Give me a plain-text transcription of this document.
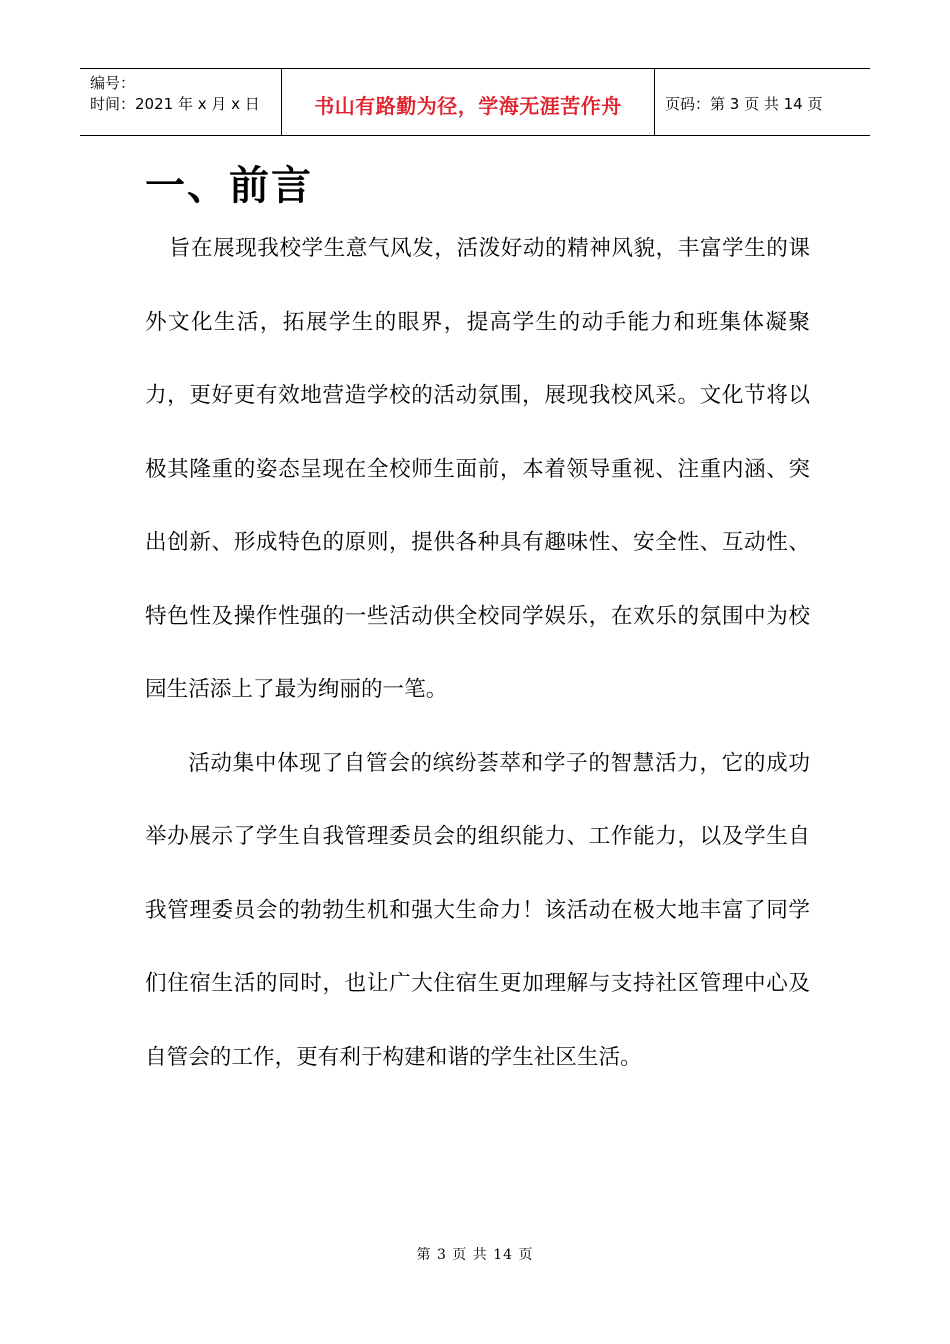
编号：
时间：2021 年 x 月 x 日	书山有路勤为径，学海无涯苦作舟	页码：第 3 页 共 14 页
一、前言

旨在展现我校学生意气风发，活泼好动的精神风貌，丰富学生的课外文化生活，拓展学生的眼界，提高学生的动手能力和班集体凝聚力，更好更有效地营造学校的活动氛围，展现我校风采。文化节将以极其隆重的姿态呈现在全校师生面前，本着领导重视、注重内涵、突出创新、形成特色的原则，提供各种具有趣味性、安全性、互动性、特色性及操作性强的一些活动供全校同学娱乐，在欢乐的氛围中为校园生活添上了最为绚丽的一笔。

活动集中体现了自管会的缤纷荟萃和学子的智慧活力，它的成功举办展示了学生自我管理委员会的组织能力、工作能力，以及学生自我管理委员会的勃勃生机和强大生命力！该活动在极大地丰富了同学们住宿生活的同时，也让广大住宿生更加理解与支持社区管理中心及自管会的工作，更有利于构建和谐的学生社区生活。

第 3 页 共 14 页
